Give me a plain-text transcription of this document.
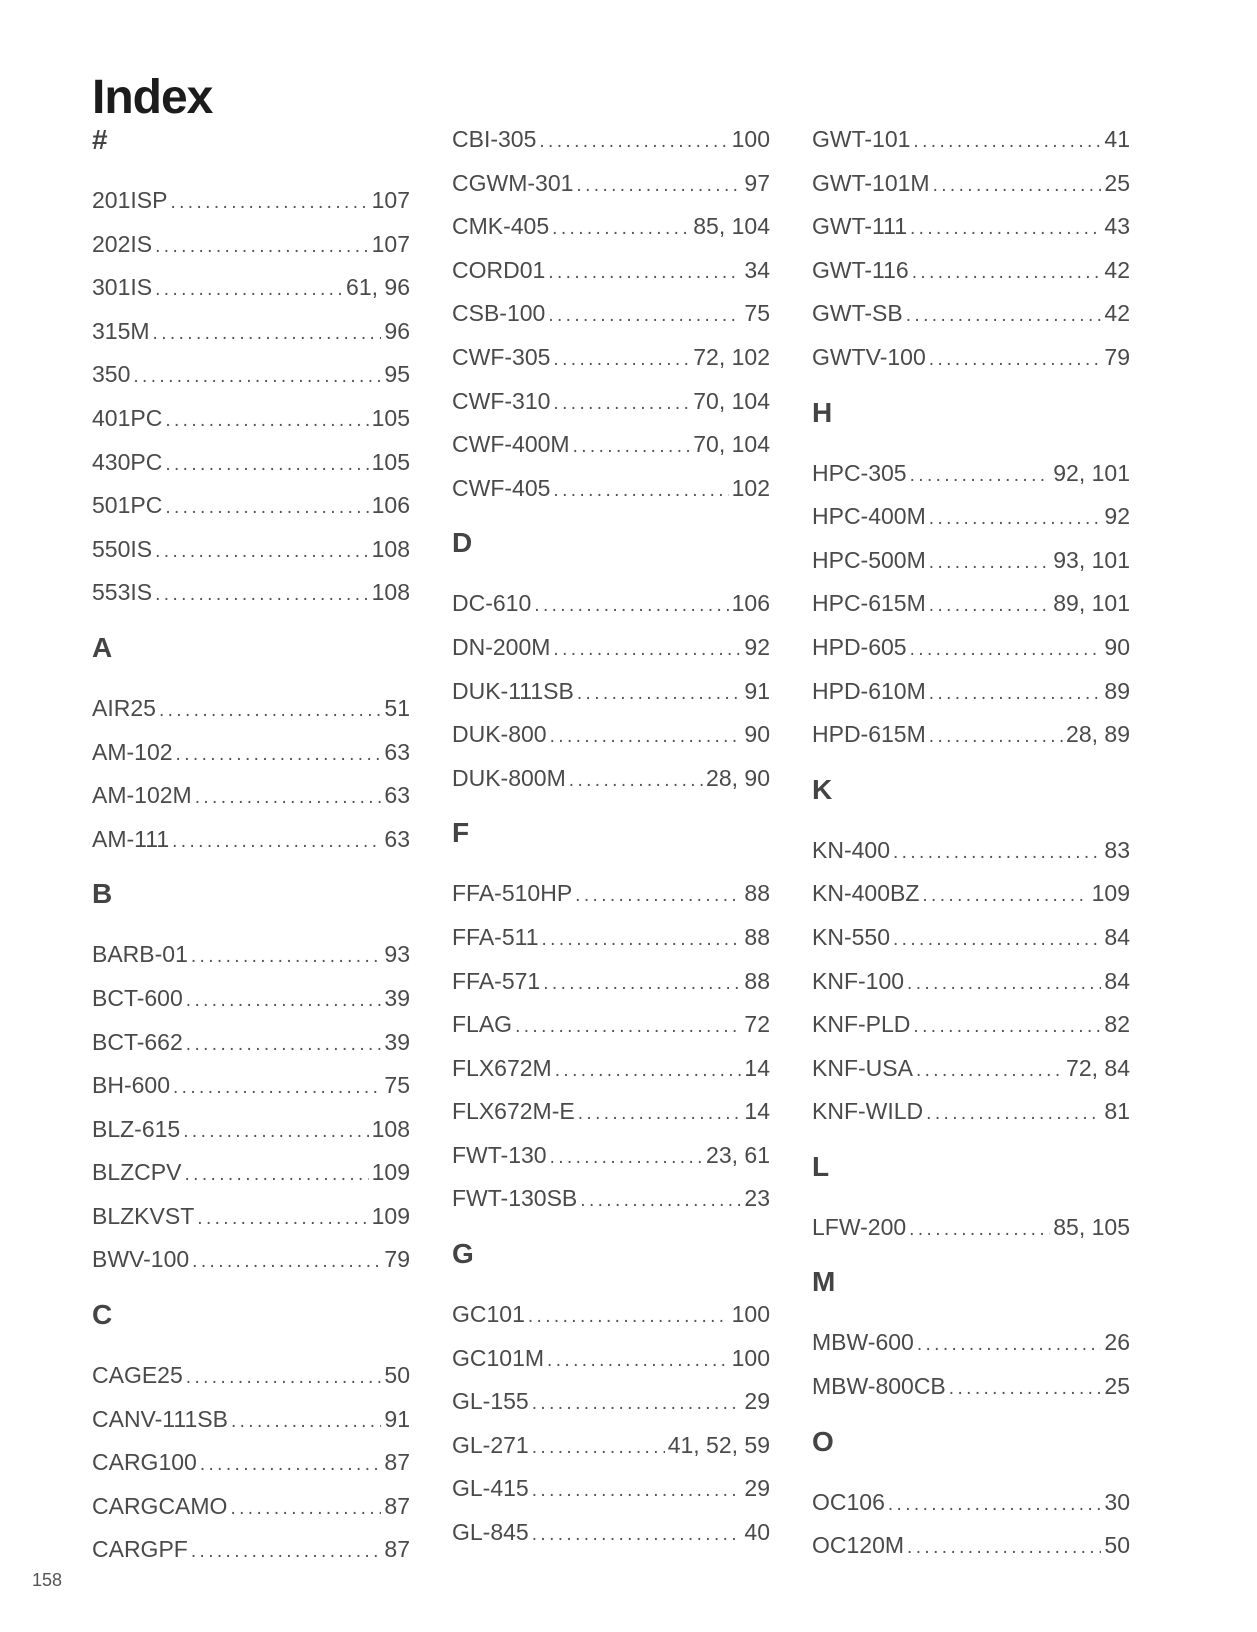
Index
#
201ISP .....	107
202IS .....	107
301IS .....	61, 96
315M .....	96
350 .....	95
401PC .....	105
430PC .....	105
501PC .....	106
550IS .....	108
553IS .....	108
A
AIR25 .....	51
AM-102 .....	63
AM-102M .....	63
AM-111 .....	63
B
BARB-01 .....	93
BCT-600 .....	39
BCT-662 .....	39
BH-600 .....	75
BLZ-615 .....	108
BLZCPV .....	109
BLZKVST .....	109
BWV-100 .....	79
C
CAGE25 .....	50
CANV-111SB .....	91
CARG100 .....	87
CARGCAMO .....	87
CARGPF .....	87
CBI-305 .....	100
CGWM-301 .....	97
CMK-405 .....	85, 104
CORD01 .....	34
CSB-100 .....	75
CWF-305 .....	72, 102
CWF-310 .....	70, 104
CWF-400M .....	70, 104
CWF-405 .....	102
D
DC-610 .....	106
DN-200M .....	92
DUK-111SB .....	91
DUK-800 .....	90
DUK-800M .....	28, 90
F
FFA-510HP .....	88
FFA-511 .....	88
FFA-571 .....	88
FLAG .....	72
FLX672M .....	14
FLX672M-E .....	14
FWT-130 .....	23, 61
FWT-130SB .....	23
G
GC101 .....	100
GC101M .....	100
GL-155 .....	29
GL-271 .....	41, 52, 59
GL-415 .....	29
GL-845 .....	40
GWT-101 .....	41
GWT-101M .....	25
GWT-111 .....	43
GWT-116 .....	42
GWT-SB .....	42
GWTV-100 .....	79
H
HPC-305 .....	92, 101
HPC-400M .....	92
HPC-500M .....	93, 101
HPC-615M .....	89, 101
HPD-605 .....	90
HPD-610M .....	89
HPD-615M .....	28, 89
K
KN-400 .....	83
KN-400BZ .....	109
KN-550 .....	84
KNF-100 .....	84
KNF-PLD .....	82
KNF-USA .....	72, 84
KNF-WILD .....	81
L
LFW-200 .....	85, 105
M
MBW-600 .....	26
MBW-800CB .....	25
O
OC106 .....	30
OC120M .....	50
158
